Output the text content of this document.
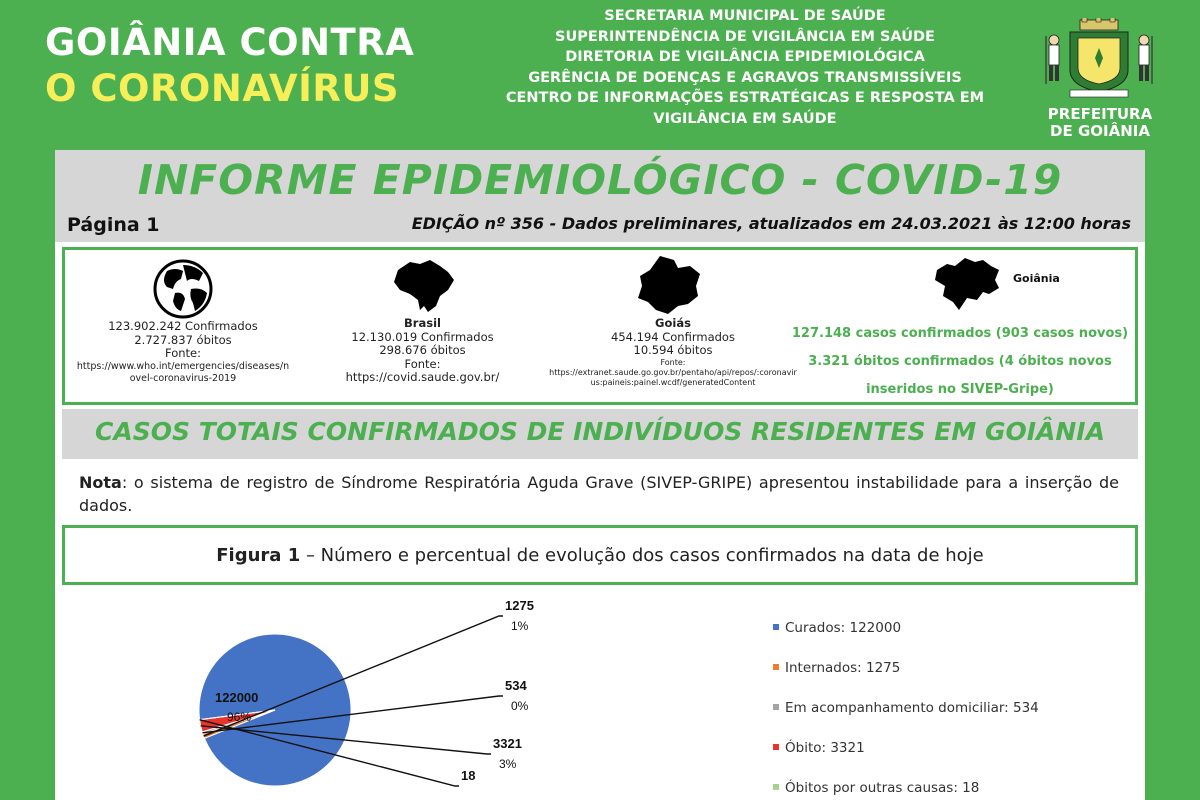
GOIÂNIA CONTRA
O CORONAVÍRUS
SECRETARIA MUNICIPAL DE SAÚDE
SUPERINTENDÊNCIA DE VIGILÂNCIA EM SAÚDE
DIRETORIA DE VIGILÂNCIA EPIDEMIOLÓGICA
GERÊNCIA DE DOENÇAS E AGRAVOS TRANSMISSÍVEIS
CENTRO DE INFORMAÇÕES ESTRATÉGICAS E RESPOSTA EM
VIGILÂNCIA EM SAÚDE	PREFEITURA
DE GOIÂNIA
INFORME EPIDEMIOLÓGICO - COVID-19
Página 1	EDIÇÃO nº 356 - Dados preliminares, atualizados em 24.03.2021 às 12:00 horas
123.902.242 Confirmados
2.727.837 óbitos
Fonte:
https://www.who.int/emergencies/diseases/n
ovel-coronavirus-2019
Brasil
12.130.019 Confirmados
298.676 óbitos
Fonte:
https://covid.saude.gov.br/
Goiás
454.194 Confirmados
10.594 óbitos
Fonte:
https://extranet.saude.go.gov.br/pentaho/api/repos/:coronavir
us:paineis:painel.wcdf/generatedContent
Goiânia
127.148 casos confirmados (903 casos novos)
3.321 óbitos confirmados (4 óbitos novos
inseridos no SIVEP-Gripe)
CASOS TOTAIS CONFIRMADOS DE INDIVÍDUOS RESIDENTES EM GOIÂNIA
Nota: o sistema de registro de Síndrome Respiratória Aguda Grave (SIVEP-GRIPE) apresentou instabilidade para a inserção de dados.
Figura 1 – Número e percentual de evolução dos casos confirmados na data de hoje
122000
96%
1275
1%
534
0%
3321
3%
18
Curados: 122000
Internados: 1275
Em acompanhamento domiciliar: 534
Óbito: 3321
Óbitos por outras causas: 18
